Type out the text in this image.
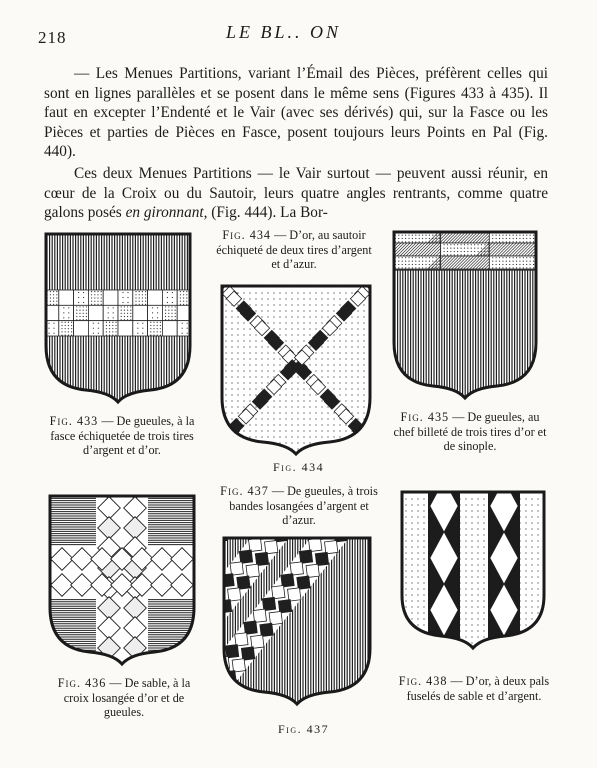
218	LE BL.. ON

— Les Menues Partitions, variant l’Émail des Pièces, préfèrent celles qui sont en lignes parallèles et se posent dans le même sens (Figures 433 à 435). Il faut en excepter l’Endenté et le Vair (avec ses dérivés) qui, sur la Fasce ou les Pièces et parties de Pièces en Fasce, posent toujours leurs Points en Pal (Fig. 440).

Ces deux Menues Partitions — le Vair surtout — peuvent aussi réunir, en cœur de la Croix ou du Sautoir, leurs quatre angles rentrants, comme quatre galons posés en gironnant, (Fig. 444). La Bor-

Fig. 433 — De gueules, à la fasce échiquetée de trois tires d’argent et d’or.
Fig. 434 — D’or, au sautoir échiqueté de deux tires d’argent et d’azur.
Fig. 434
Fig. 435 — De gueules, au chef billeté de trois tires d’or et de sinople.
Fig. 436 — De sable, à la croix losangée d’or et de gueules.
Fig. 437 — De gueules, à trois bandes losangées d’argent et d’azur.
Fig. 437
Fig. 438 — D’or, à deux pals fuselés de sable et d’argent.
